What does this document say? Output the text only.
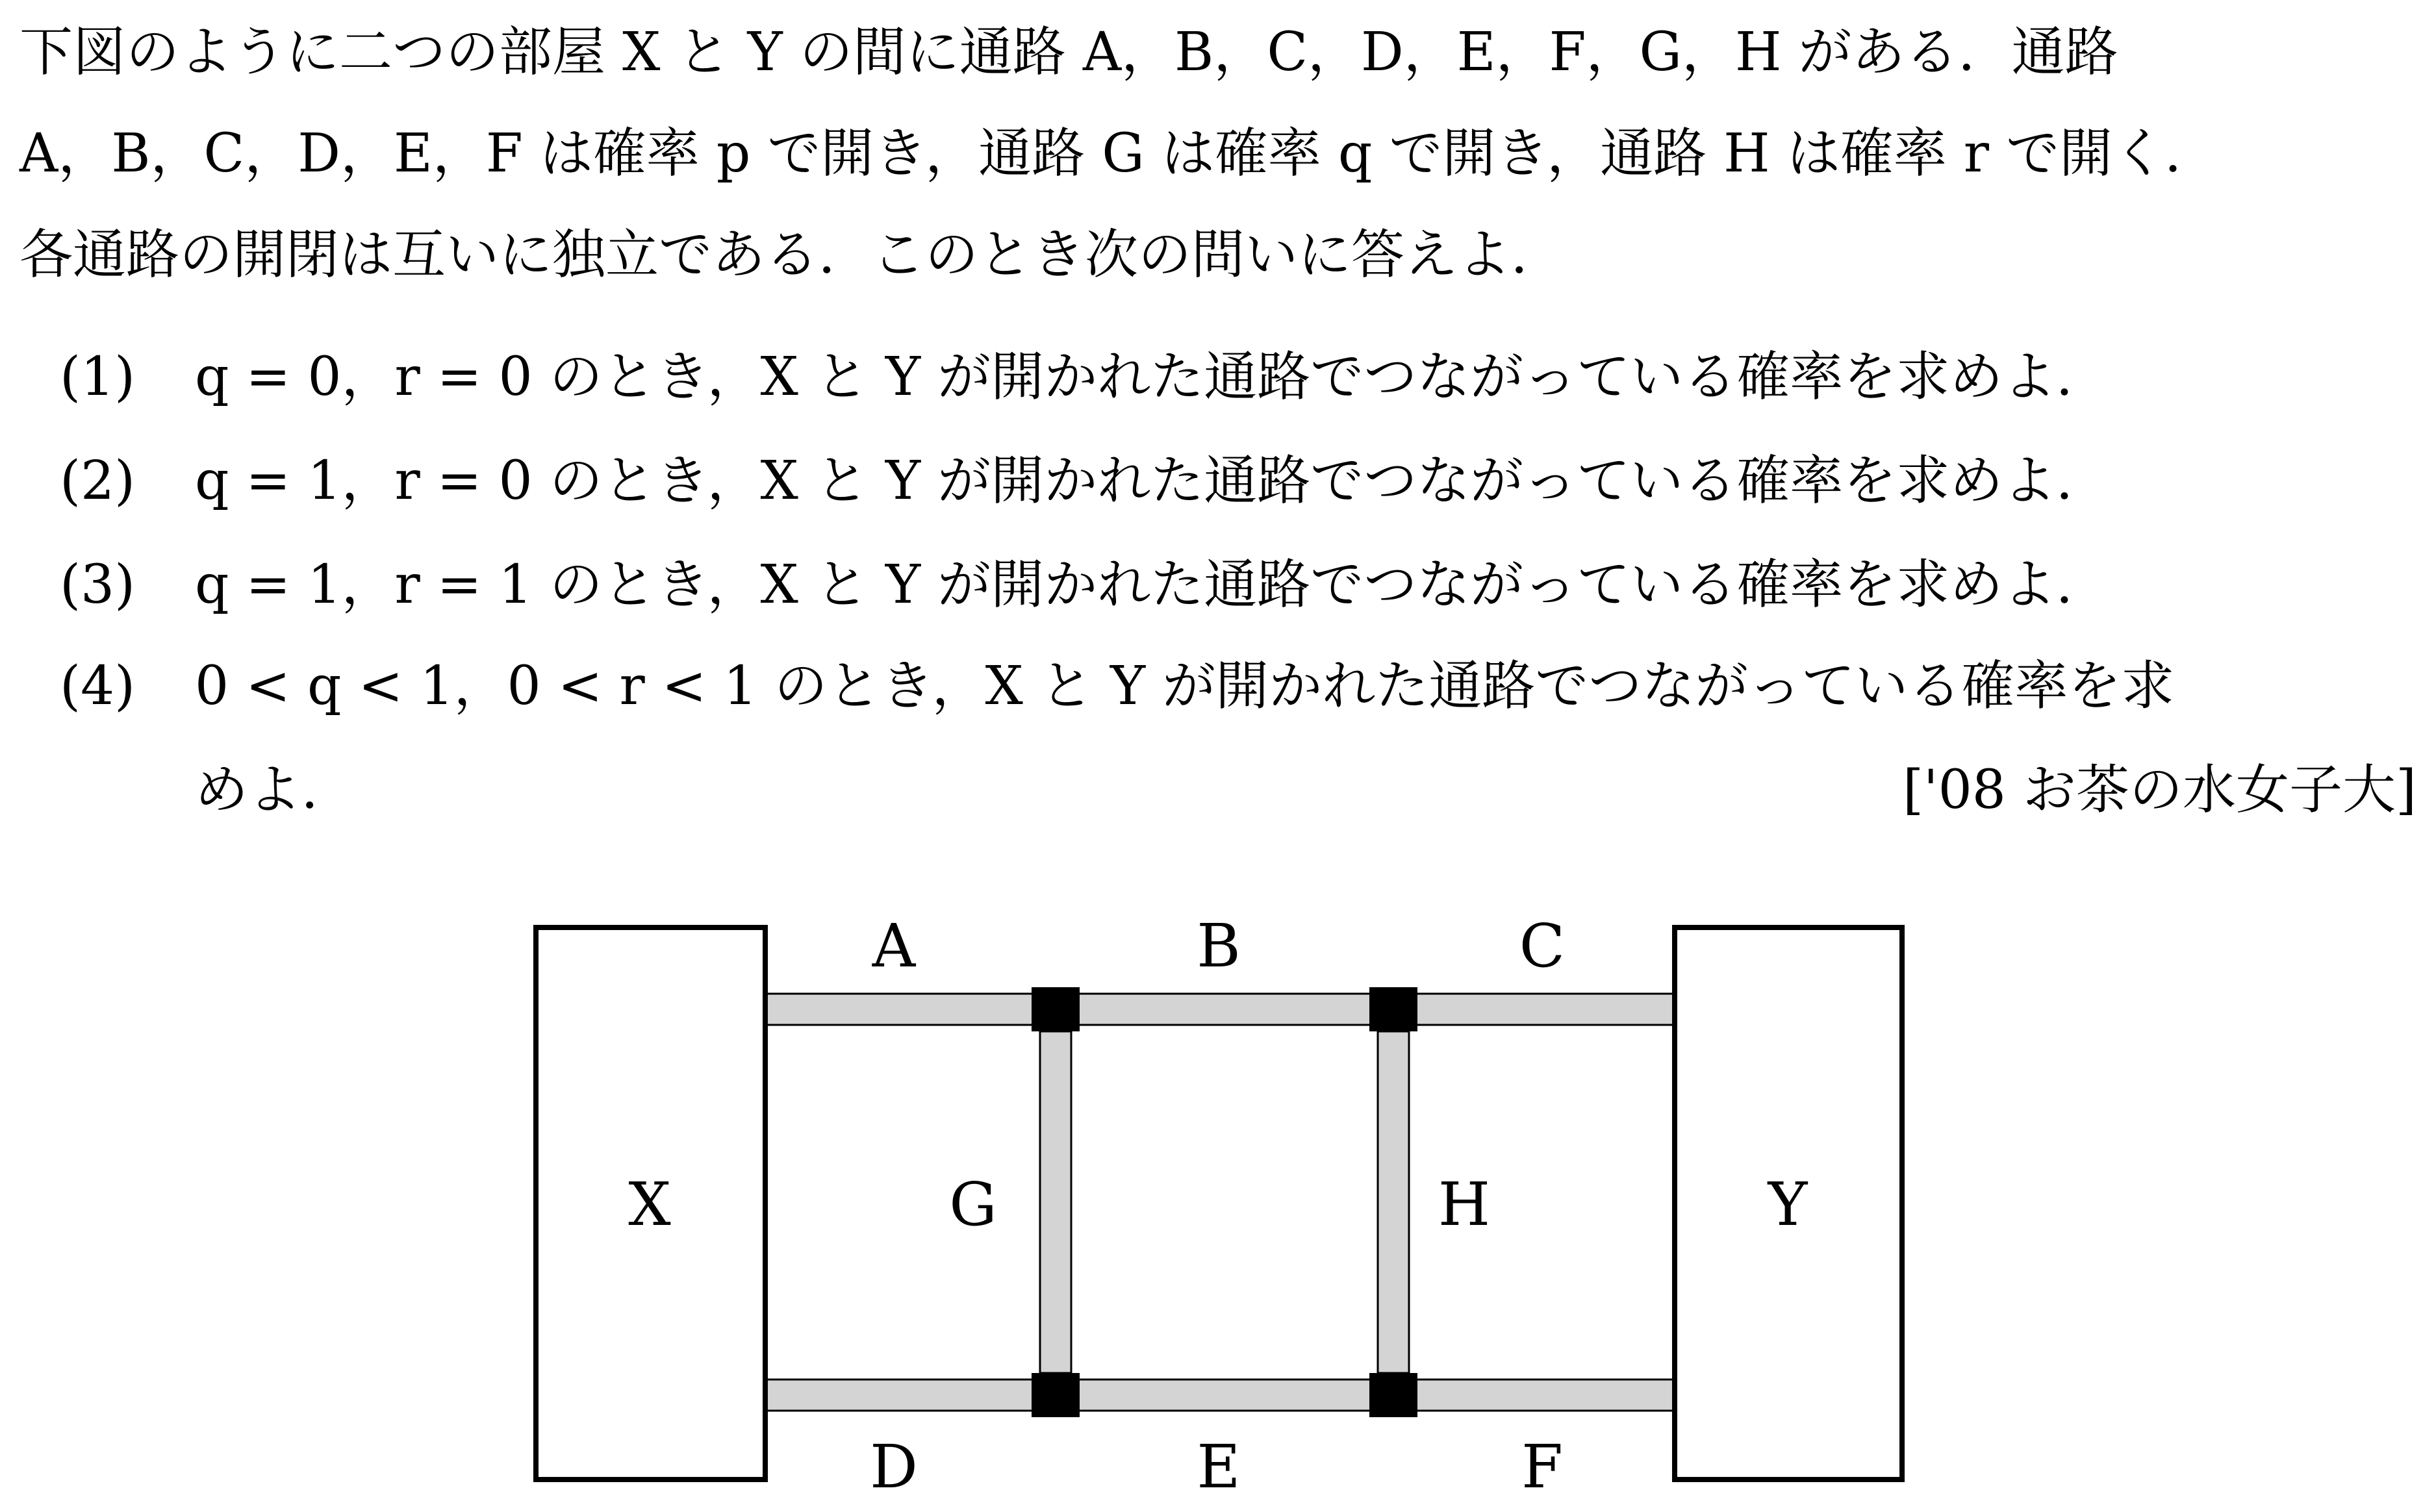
下図のように二つの部屋 X と Y の間に通路 A，B，C，D，E，F，G，H がある．通路
A，B，C，D，E，F は確率 p で開き，通路 G は確率 q で開き，通路 H は確率 r で開く．
各通路の開閉は互いに独立である．このとき次の問いに答えよ．
(1) q = 0，r = 0 のとき，X と Y が開かれた通路でつながっている確率を求めよ．
(2) q = 1，r = 0 のとき，X と Y が開かれた通路でつながっている確率を求めよ．
(3) q = 1，r = 1 のとき，X と Y が開かれた通路でつながっている確率を求めよ．
(4) 0 < q < 1，0 < r < 1 のとき，X と Y が開かれた通路でつながっている確率を求
めよ．	['08 お茶の水女子大]
X	Y
A	B	C
D	E	F
G	H
